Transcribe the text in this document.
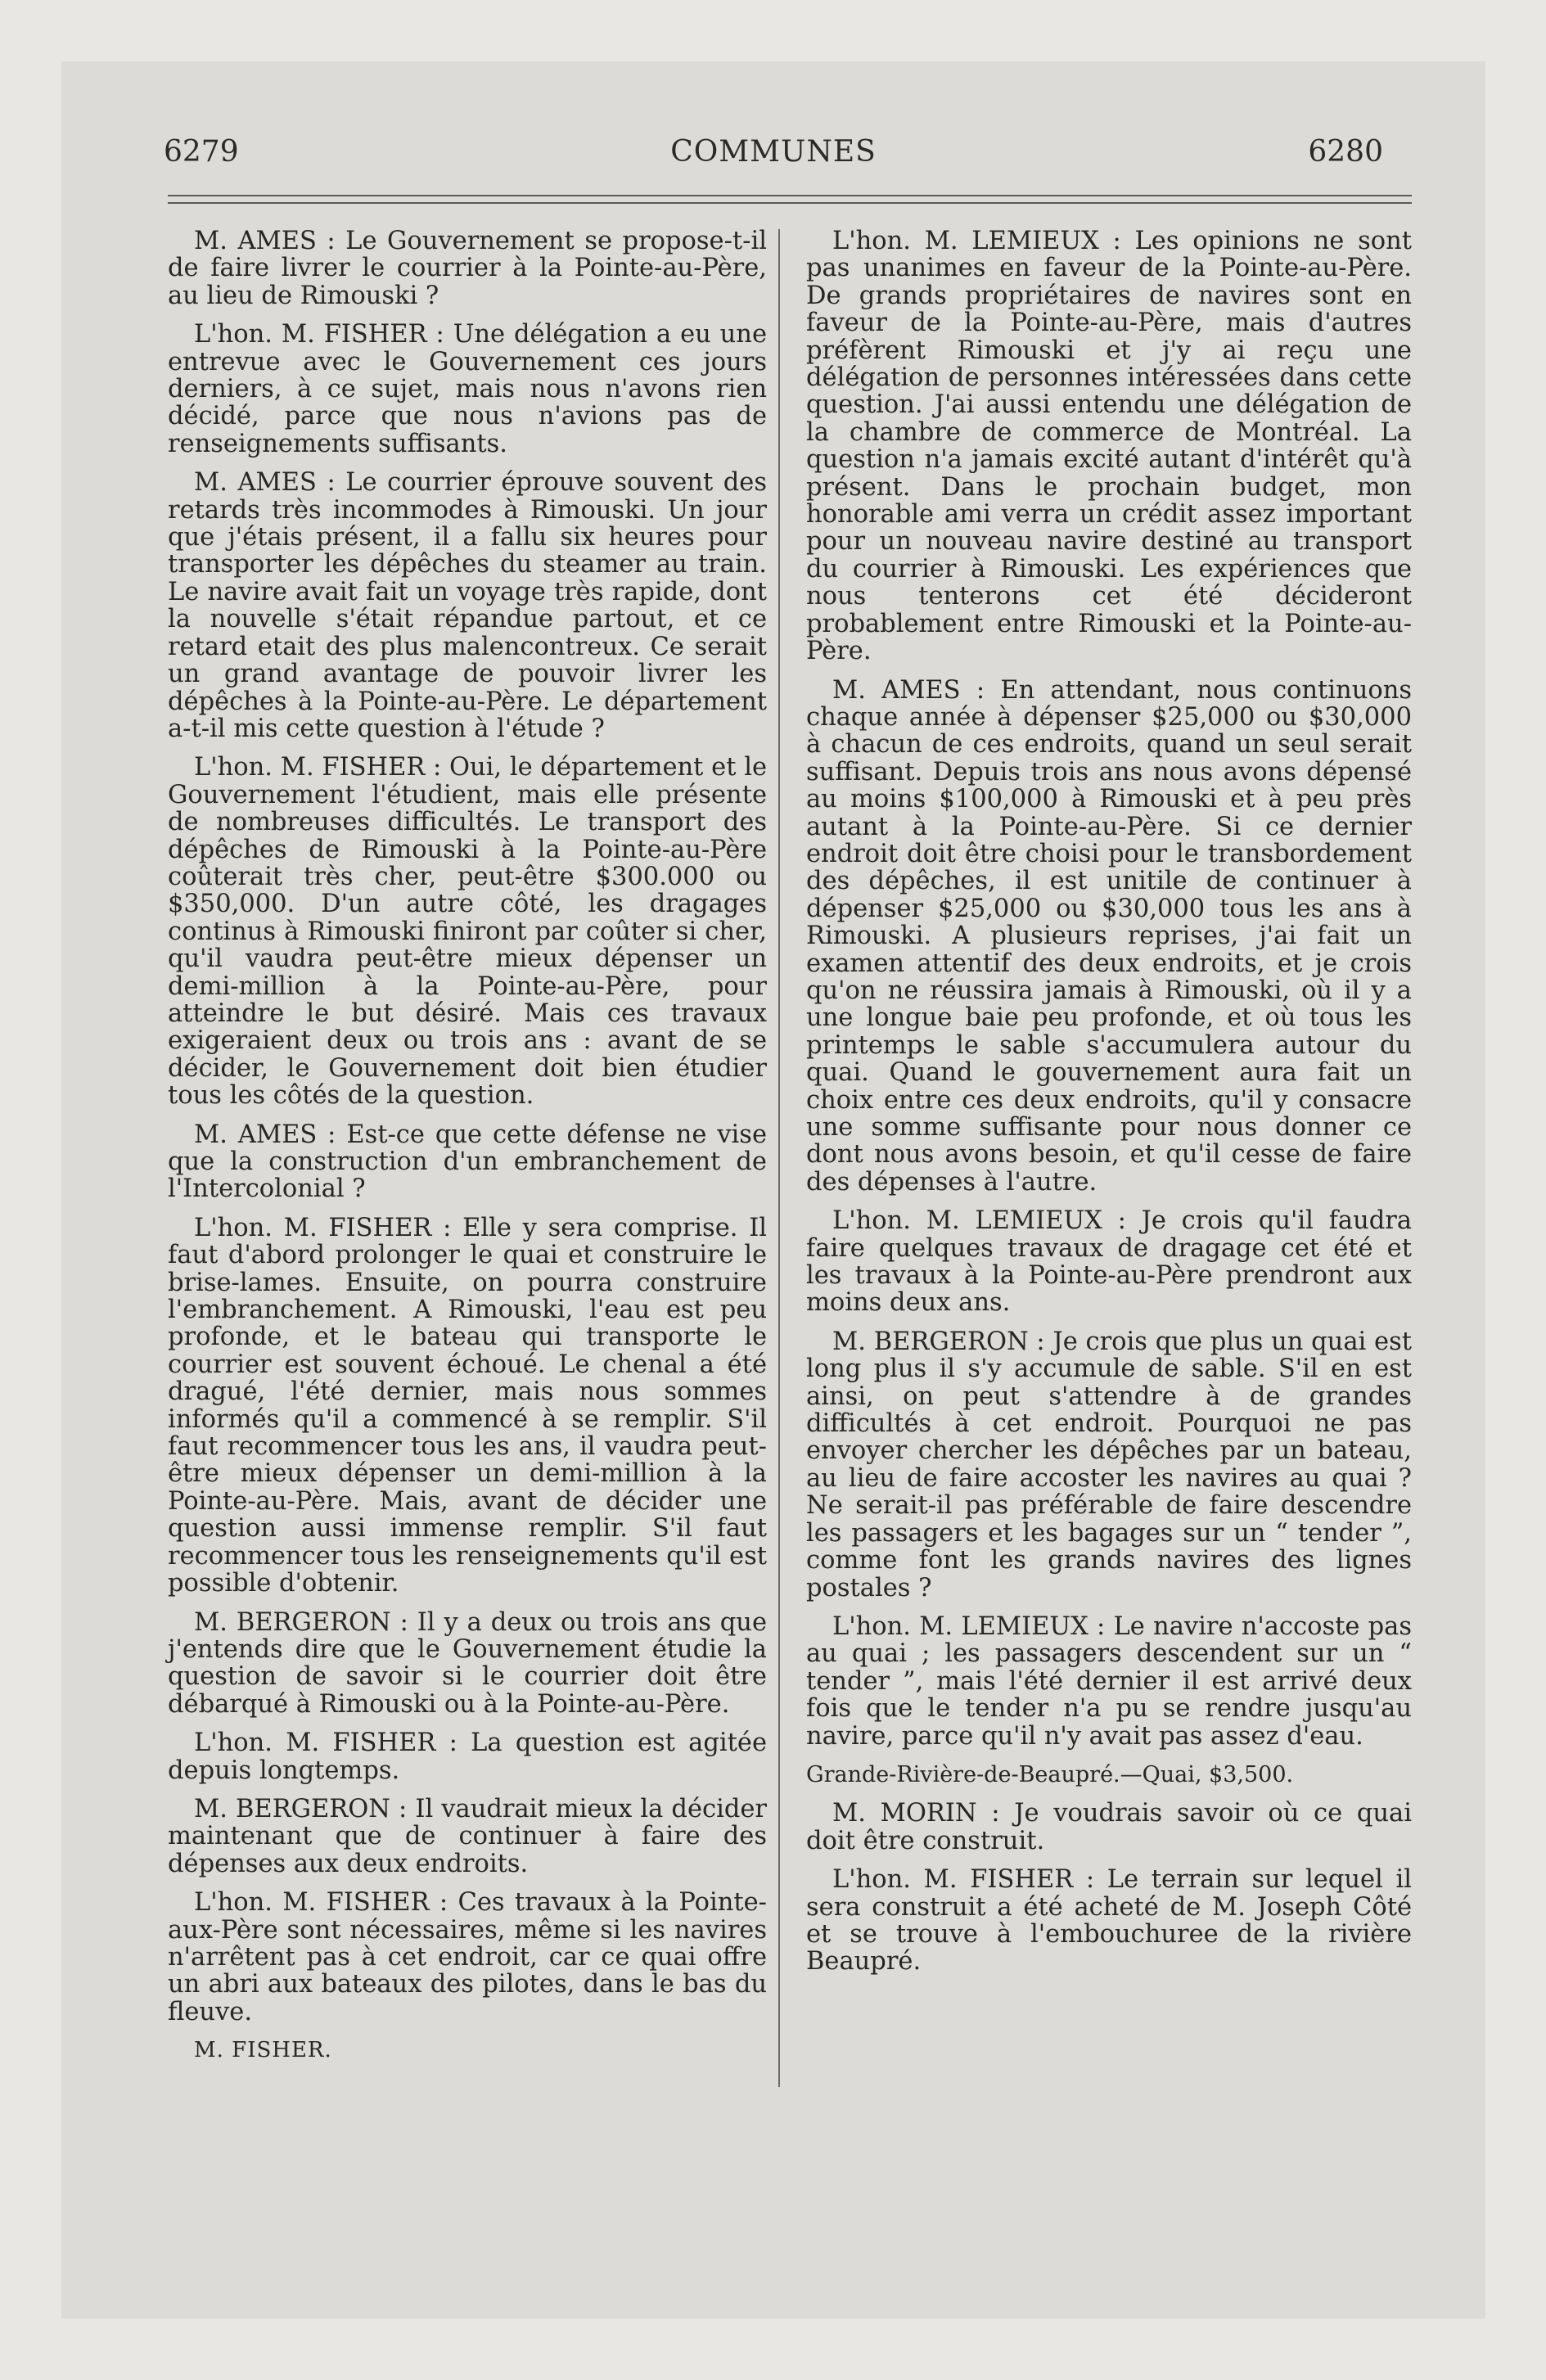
6279	COMMUNES	6280

M. AMES : Le Gouvernement se propose-t-il de faire livrer le courrier à la Pointe-au-Père, au lieu de Rimouski ?

L'hon. M. FISHER : Une délégation a eu une entrevue avec le Gouvernement ces jours derniers, à ce sujet, mais nous n'avons rien décidé, parce que nous n'avions pas de renseignements suffisants.

M. AMES : Le courrier éprouve souvent des retards très incommodes à Rimouski. Un jour que j'étais présent, il a fallu six heures pour transporter les dépêches du steamer au train. Le navire avait fait un voyage très rapide, dont la nouvelle s'était répandue partout, et ce retard etait des plus malencontreux. Ce serait un grand avantage de pouvoir livrer les dépêches à la Pointe-au-Père. Le département a-t-il mis cette question à l'étude ?

L'hon. M. FISHER : Oui, le département et le Gouvernement l'étudient, mais elle présente de nombreuses difficultés. Le transport des dépêches de Rimouski à la Pointe-au-Père coûterait très cher, peut-être $300.000 ou $350,000. D'un autre côté, les dragages continus à Rimouski finiront par coûter si cher, qu'il vaudra peut-être mieux dépenser un demi-million à la Pointe-au-Père, pour atteindre le but désiré. Mais ces travaux exigeraient deux ou trois ans : avant de se décider, le Gouvernement doit bien étudier tous les côtés de la question.

M. AMES : Est-ce que cette défense ne vise que la construction d'un embranchement de l'Intercolonial ?

L'hon. M. FISHER : Elle y sera comprise. Il faut d'abord prolonger le quai et construire le brise-lames. Ensuite, on pourra construire l'embranchement. A Rimouski, l'eau est peu profonde, et le bateau qui transporte le courrier est souvent échoué. Le chenal a été dragué, l'été dernier, mais nous sommes informés qu'il a commencé à se remplir. S'il faut recommencer tous les ans, il vaudra peut-être mieux dépenser un demi-million à la Pointe-au-Père. Mais, avant de décider une question aussi immense remplir. S'il faut recommencer tous les renseignements qu'il est possible d'obtenir.

M. BERGERON : Il y a deux ou trois ans que j'entends dire que le Gouvernement étudie la question de savoir si le courrier doit être débarqué à Rimouski ou à la Pointe-au-Père.

L'hon. M. FISHER : La question est agitée depuis longtemps.

M. BERGERON : Il vaudrait mieux la décider maintenant que de continuer à faire des dépenses aux deux endroits.

L'hon. M. FISHER : Ces travaux à la Pointe-aux-Père sont nécessaires, même si les navires n'arrêtent pas à cet endroit, car ce quai offre un abri aux bateaux des pilotes, dans le bas du fleuve.

M. FISHER.

L'hon. M. LEMIEUX : Les opinions ne sont pas unanimes en faveur de la Pointe-au-Père. De grands propriétaires de navires sont en faveur de la Pointe-au-Père, mais d'autres préfèrent Rimouski et j'y ai reçu une délégation de personnes intéressées dans cette question. J'ai aussi entendu une délégation de la chambre de commerce de Montréal. La question n'a jamais excité autant d'intérêt qu'à présent. Dans le prochain budget, mon honorable ami verra un crédit assez important pour un nouveau navire destiné au transport du courrier à Rimouski. Les expériences que nous tenterons cet été décideront probablement entre Rimouski et la Pointe-au-Père.

M. AMES : En attendant, nous continuons chaque année à dépenser $25,000 ou $30,000 à chacun de ces endroits, quand un seul serait suffisant. Depuis trois ans nous avons dépensé au moins $100,000 à Rimouski et à peu près autant à la Pointe-au-Père. Si ce dernier endroit doit être choisi pour le transbordement des dépêches, il est unitile de continuer à dépenser $25,000 ou $30,000 tous les ans à Rimouski. A plusieurs reprises, j'ai fait un examen attentif des deux endroits, et je crois qu'on ne réussira jamais à Rimouski, où il y a une longue baie peu profonde, et où tous les printemps le sable s'accumulera autour du quai. Quand le gouvernement aura fait un choix entre ces deux endroits, qu'il y consacre une somme suffisante pour nous donner ce dont nous avons besoin, et qu'il cesse de faire des dépenses à l'autre.

L'hon. M. LEMIEUX : Je crois qu'il faudra faire quelques travaux de dragage cet été et les travaux à la Pointe-au-Père prendront aux moins deux ans.

M. BERGERON : Je crois que plus un quai est long plus il s'y accumule de sable. S'il en est ainsi, on peut s'attendre à de grandes difficultés à cet endroit. Pourquoi ne pas envoyer chercher les dépêches par un bateau, au lieu de faire accoster les navires au quai ? Ne serait-il pas préférable de faire descendre les passagers et les bagages sur un “ tender ”, comme font les grands navires des lignes postales ?

L'hon. M. LEMIEUX : Le navire n'accoste pas au quai ; les passagers descendent sur un “ tender ”, mais l'été dernier il est arrivé deux fois que le tender n'a pu se rendre jusqu'au navire, parce qu'il n'y avait pas assez d'eau.

Grande-Rivière-de-Beaupré.—Quai, $3,500.

M. MORIN : Je voudrais savoir où ce quai doit être construit.

L'hon. M. FISHER : Le terrain sur lequel il sera construit a été acheté de M. Joseph Côté et se trouve à l'embouchuree de la rivière Beaupré.
